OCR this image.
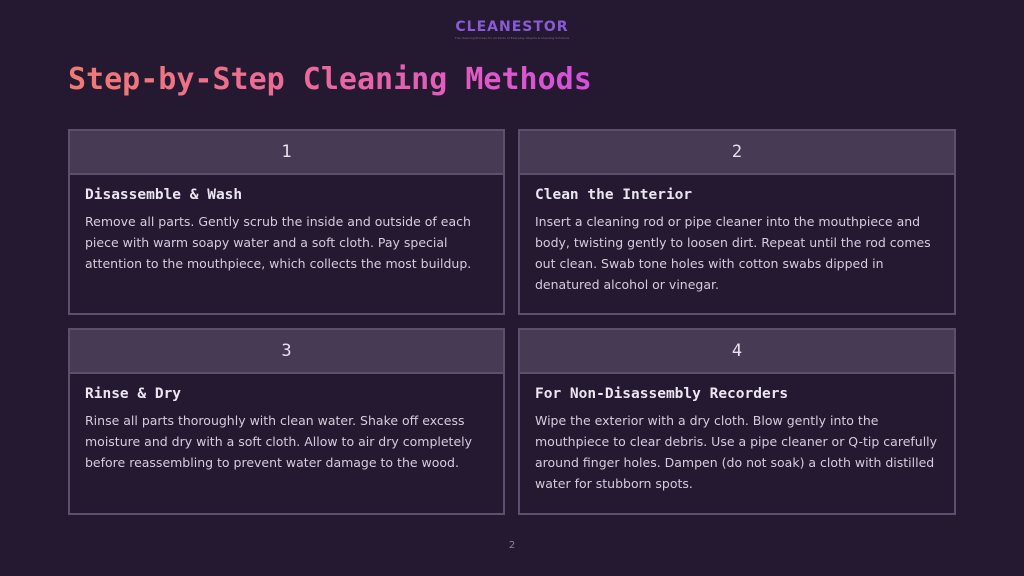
CLEANESTOR
The Cleaning Process for All Kinds of Everyday Objects & Cleaning Solutions
Step-by-Step Cleaning Methods
1
Disassemble & Wash

Remove all parts. Gently scrub the inside and outside of each piece with warm soapy water and a soft cloth. Pay special attention to the mouthpiece, which collects the most buildup.

2
Clean the Interior

Insert a cleaning rod or pipe cleaner into the mouthpiece and body, twisting gently to loosen dirt. Repeat until the rod comes out clean. Swab tone holes with cotton swabs dipped in denatured alcohol or vinegar.

3
Rinse & Dry

Rinse all parts thoroughly with clean water. Shake off excess moisture and dry with a soft cloth. Allow to air dry completely before reassembling to prevent water damage to the wood.

4
For Non-Disassembly Recorders

Wipe the exterior with a dry cloth. Blow gently into the mouthpiece to clear debris. Use a pipe cleaner or Q-tip carefully around finger holes. Dampen (do not soak) a cloth with distilled water for stubborn spots.

2
